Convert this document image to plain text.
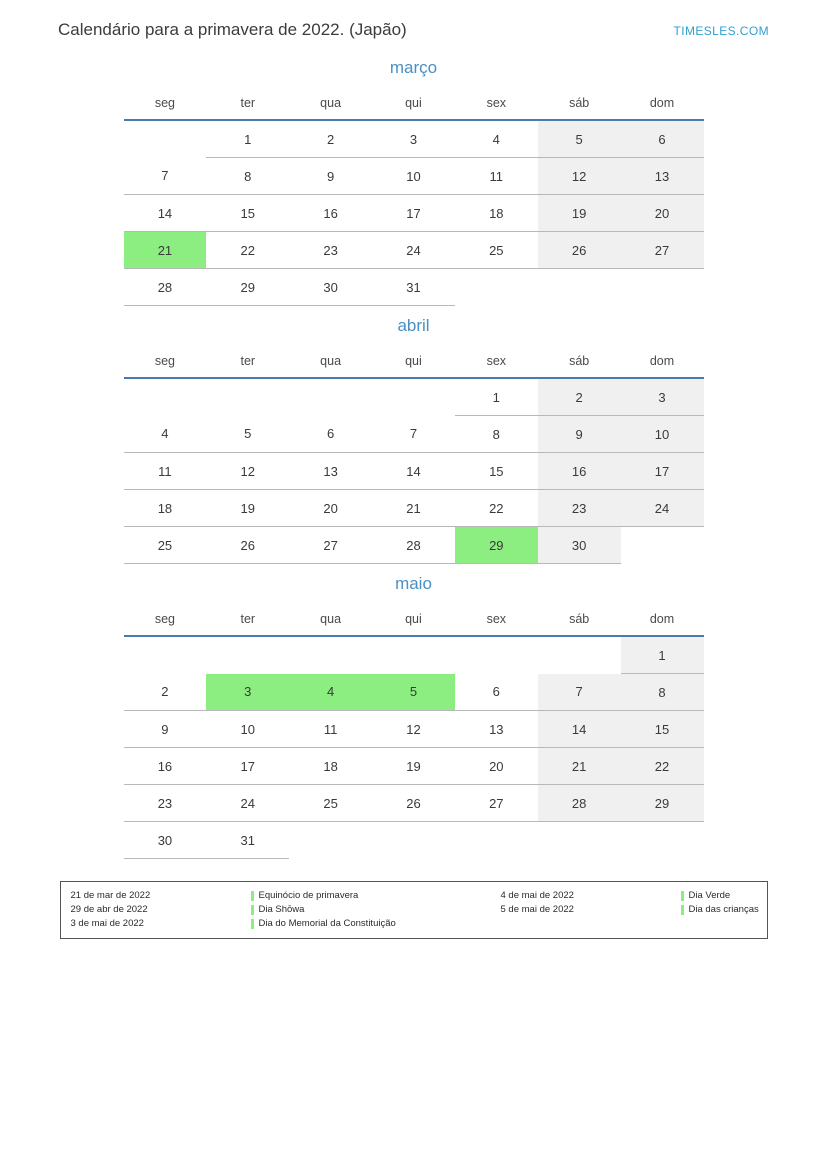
Calendário para a primavera de 2022. (Japão)	TIMESLES.COM
março
seg	ter	qua	qui	sex	sáb	dom

	1	2	3	4	5	6

7	8	9	10	11	12	13

14	15	16	17	18	19	20

21	22	23	24	25	26	27

28	29	30	31			

abril
seg	ter	qua	qui	sex	sáb	dom

				1	2	3

4	5	6	7	8	9	10

11	12	13	14	15	16	17

18	19	20	21	22	23	24

25	26	27	28	29	30	

maio
seg	ter	qua	qui	sex	sáb	dom

						1

2	3	4	5	6	7	8

9	10	11	12	13	14	15

16	17	18	19	20	21	22

23	24	25	26	27	28	29

30	31					

21 de mar de 2022	Equinócio de primavera	4 de mai de 2022	Dia Verde
29 de abr de 2022	Dia Shōwa	5 de mai de 2022	Dia das crianças
3 de mai de 2022	Dia do Memorial da Constituição
